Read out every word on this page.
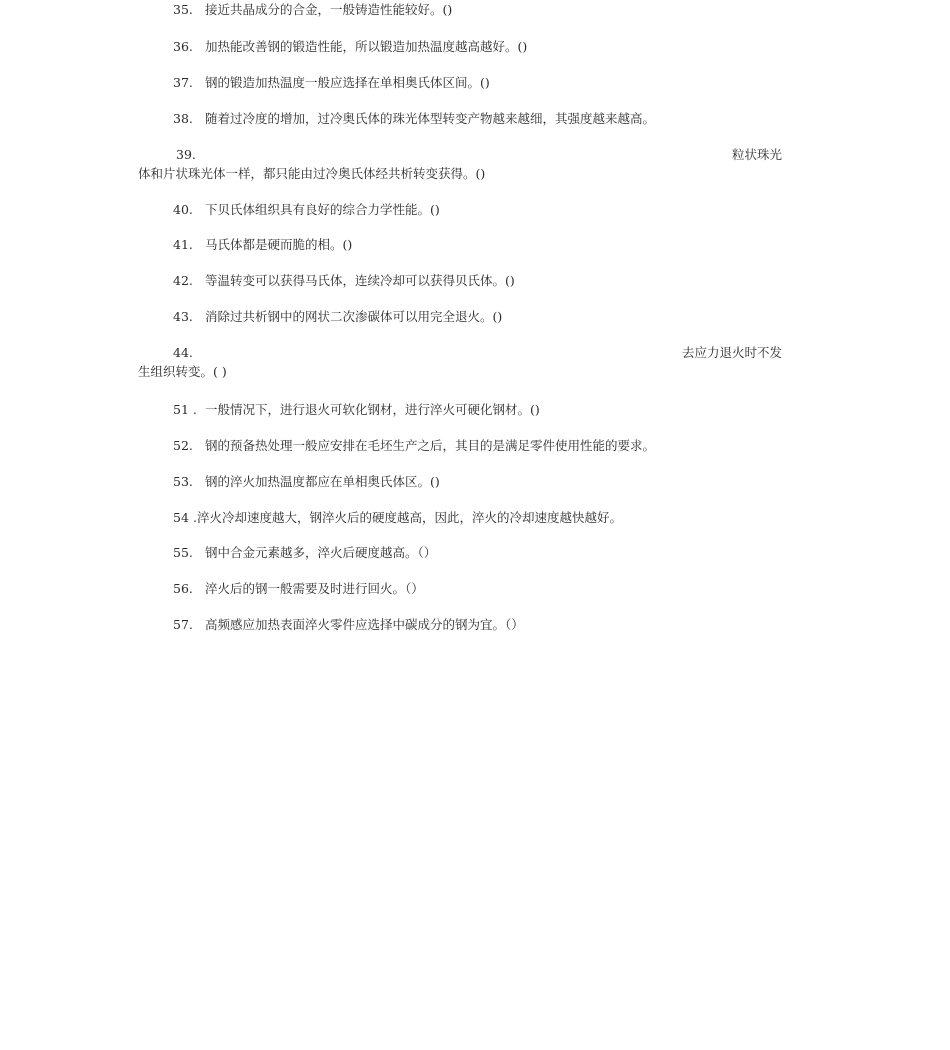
35. 接近共晶成分的合金，一般铸造性能较好。()
36. 加热能改善钢的锻造性能，所以锻造加热温度越高越好。()
37. 钢的锻造加热温度一般应选择在单相奥氏体区间。()
38. 随着过冷度的增加，过冷奥氏体的珠光体型转变产物越来越细，其强度越来越高。
39.	粒状珠光
体和片状珠光体一样，都只能由过冷奥氏体经共析转变获得。()
40. 下贝氏体组织具有良好的综合力学性能。()
41. 马氏体都是硬而脆的相。()
42. 等温转变可以获得马氏体，连续冷却可以获得贝氏体。()
43. 消除过共析钢中的网状二次渗碳体可以用完全退火。()
44.	去应力退火时不发
生组织转变。( )
51 . 一般情况下，进行退火可软化钢材，进行淬火可硬化钢材。()
52. 钢的预备热处理一般应安排在毛坯生产之后，其目的是满足零件使用性能的要求。
53. 钢的淬火加热温度都应在单相奥氏体区。()
54 .淬火冷却速度越大，钢淬火后的硬度越高，因此，淬火的冷却速度越快越好。
55. 钢中合金元素越多，淬火后硬度越高。（）
56. 淬火后的钢一般需要及时进行回火。（）
57. 高频感应加热表面淬火零件应选择中碳成分的钢为宜。（）
